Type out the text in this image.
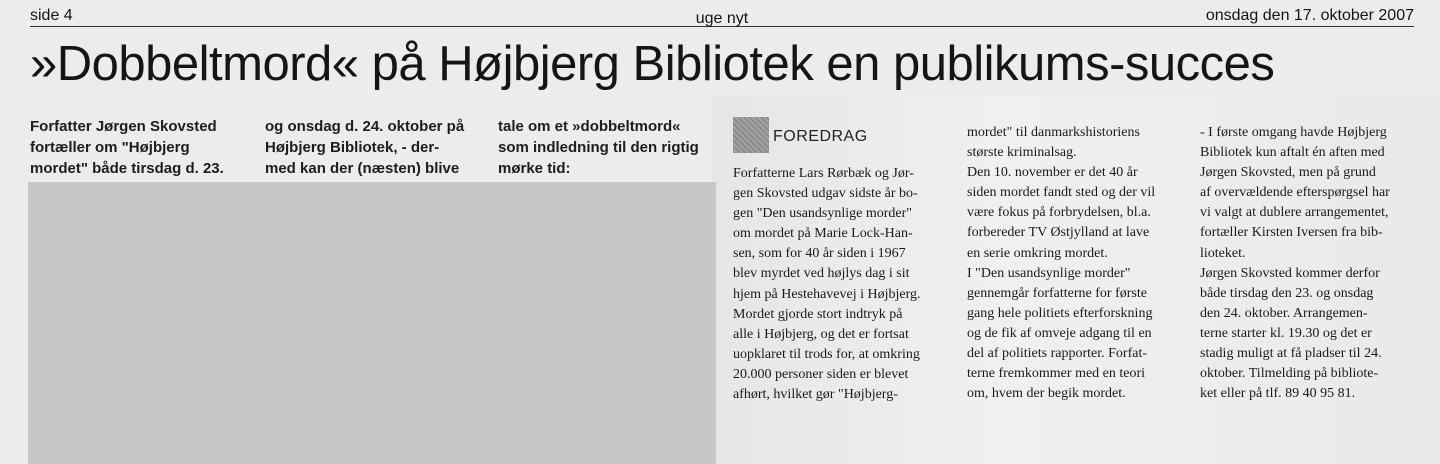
side 4	uge nyt	onsdag den 17. oktober 2007
»Dobbeltmord« på Højbjerg Bibliotek en publikums-succes
Forfatter Jørgen Skovsted
fortæller om "Højbjerg
mordet" både tirsdag d. 23.
og onsdag d. 24. oktober på
Højbjerg Bibliotek, - der-
med kan der (næsten) blive
tale om et »dobbeltmord«
som indledning til den rigtig
mørke tid:
FOREDRAG

Forfatterne Lars Rørbæk og Jør-

gen Skovsted udgav sidste år bo-

gen "Den usandsynlige morder"

om mordet på Marie Lock-Han-

sen, som for 40 år siden i 1967

blev myrdet ved højlys dag i sit

hjem på Hestehavevej i Højbjerg.

Mordet gjorde stort indtryk på

alle i Højbjerg, og det er fortsat

uopklaret til trods for, at omkring

20.000 personer siden er blevet

afhørt, hvilket gør "Højbjerg-

mordet" til danmarkshistoriens

største kriminalsag.

Den 10. november er det 40 år

siden mordet fandt sted og der vil

være fokus på forbrydelsen, bl.a.

forbereder TV Østjylland at lave

en serie omkring mordet.

I "Den usandsynlige morder"

gennemgår forfatterne for første

gang hele politiets efterforskning

og de fik af omveje adgang til en

del af politiets rapporter. Forfat-

terne fremkommer med en teori

om, hvem der begik mordet.

- I første omgang havde Højbjerg

Bibliotek kun aftalt én aften med

Jørgen Skovsted, men på grund

af overvældende efterspørgsel har

vi valgt at dublere arrangementet,

fortæller Kirsten Iversen fra bib-

lioteket.

Jørgen Skovsted kommer derfor

både tirsdag den 23. og onsdag

den 24. oktober. Arrangemen-

terne starter kl. 19.30 og det er

stadig muligt at få pladser til 24.

oktober. Tilmelding på bibliote-

ket eller på tlf. 89 40 95 81.
